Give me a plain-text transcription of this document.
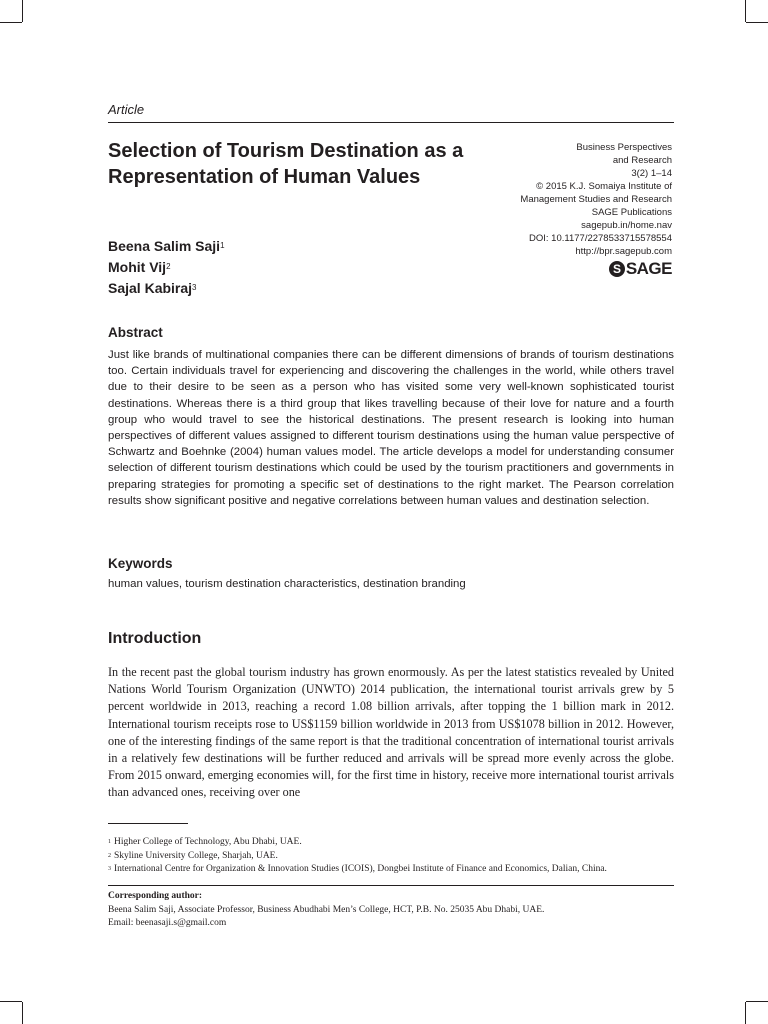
Article
Selection of Tourism Destination as a Representation of Human Values
Business Perspectives
and Research
3(2) 1–14
© 2015 K.J. Somaiya Institute of
Management Studies and Research
SAGE Publications
sagepub.in/home.nav
DOI: 10.1177/2278533715578554
http://bpr.sagepub.com
S SAGE
Beena Salim Saji$^1$
Mohit Vij$^2$
Sajal Kabiraj$^3$
Abstract

Just like brands of multinational companies there can be different dimensions of brands of tourism destinations too. Certain individuals travel for experiencing and discovering the challenges in the world, while others travel due to their desire to be seen as a person who has visited some very well-known sophisticated tourist destinations. Whereas there is a third group that likes travelling because of their love for nature and a fourth group who would travel to see the historical destinations. The present research is looking into human perspectives of different values assigned to different tourism destinations using the human value perspective of Schwartz and Boehnke (2004) human values model. The article develops a model for understanding consumer selection of different tourism destinations which could be used by the tourism practitioners and governments in preparing strategies for promoting a specific set of destinations to the right market. The Pearson correlation results show significant positive and negative correlations between human values and destination selection.

Keywords

human values, tourism destination characteristics, destination branding

Introduction

In the recent past the global tourism industry has grown enormously. As per the latest statistics revealed by United Nations World Tourism Organization (UNWTO) 2014 publication, the international tourist arrivals grew by 5 percent worldwide in 2013, reaching a record 1.08 billion arrivals, after topping the 1 billion mark in 2012. International tourism receipts rose to US$1159 billion worldwide in 2013 from US$1078 billion in 2012. However, one of the interesting findings of the same report is that the traditional concentration of international tourist arrivals in a relatively few destinations will be further reduced and arrivals will be spread more evenly across the globe. From 2015 onward, emerging economies will, for the first time in history, receive more international tourist arrivals than advanced ones, receiving over one

$^1$ Higher College of Technology, Abu Dhabi, UAE.
$^2$ Skyline University College, Sharjah, UAE.
$^3$ International Centre for Organization & Innovation Studies (ICOIS), Dongbei Institute of Finance and Economics, Dalian, China.
Corresponding author:
Beena Salim Saji, Associate Professor, Business Abudhabi Men’s College, HCT, P.B. No. 25035 Abu Dhabi, UAE.
Email: beenasaji.s@gmail.com
